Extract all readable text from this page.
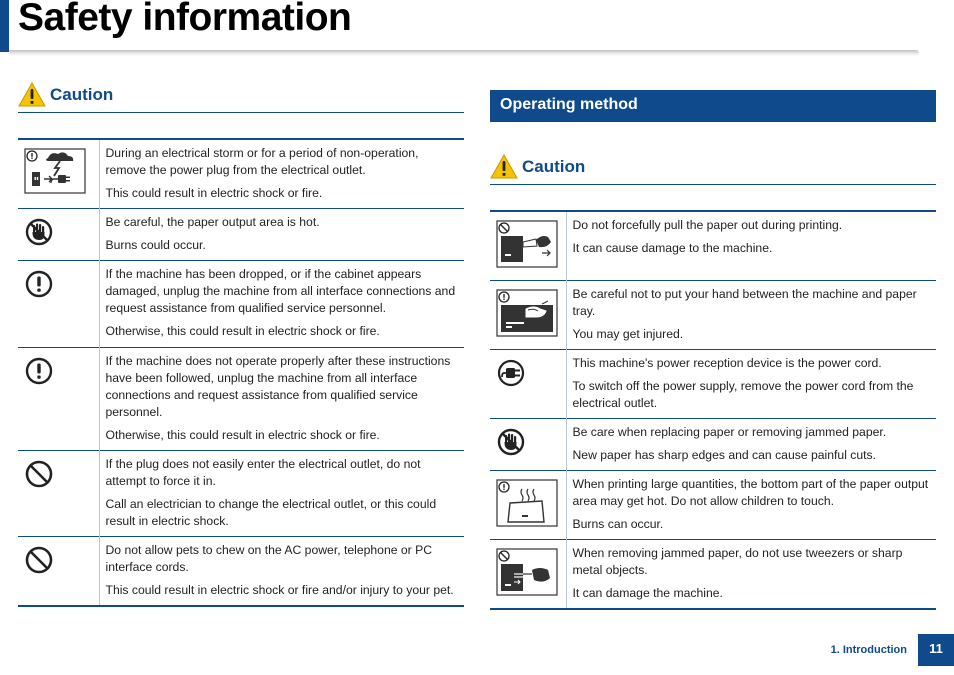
Safety information
Caution

During an electrical storm or for a period of non-operation, remove the power plug from the electrical outlet.

This could result in electric shock or fire.

Be careful, the paper output area is hot.

Burns could occur.

If the machine has been dropped, or if the cabinet appears damaged, unplug the machine from all interface connections and request assistance from qualified service personnel.

Otherwise, this could result in electric shock or fire.

If the machine does not operate properly after these instructions have been followed, unplug the machine from all interface connections and request assistance from qualified service personnel.

Otherwise, this could result in electric shock or fire.

If the plug does not easily enter the electrical outlet, do not attempt to force it in.

Call an electrician to change the electrical outlet, or this could result in electric shock.

Do not allow pets to chew on the AC power, telephone or PC interface cords.

This could result in electric shock or fire and/or injury to your pet.

Operating method
Caution

Do not forcefully pull the paper out during printing.

It can cause damage to the machine.

Be careful not to put your hand between the machine and paper tray.

You may get injured.

This machine's power reception device is the power cord.

To switch off the power supply, remove the power cord from the electrical outlet.

Be care when replacing paper or removing jammed paper.

New paper has sharp edges and can cause painful cuts.

When printing large quantities, the bottom part of the paper output area may get hot. Do not allow children to touch.

Burns can occur.

When removing jammed paper, do not use tweezers or sharp metal objects.

It can damage the machine.

1. Introduction	11
